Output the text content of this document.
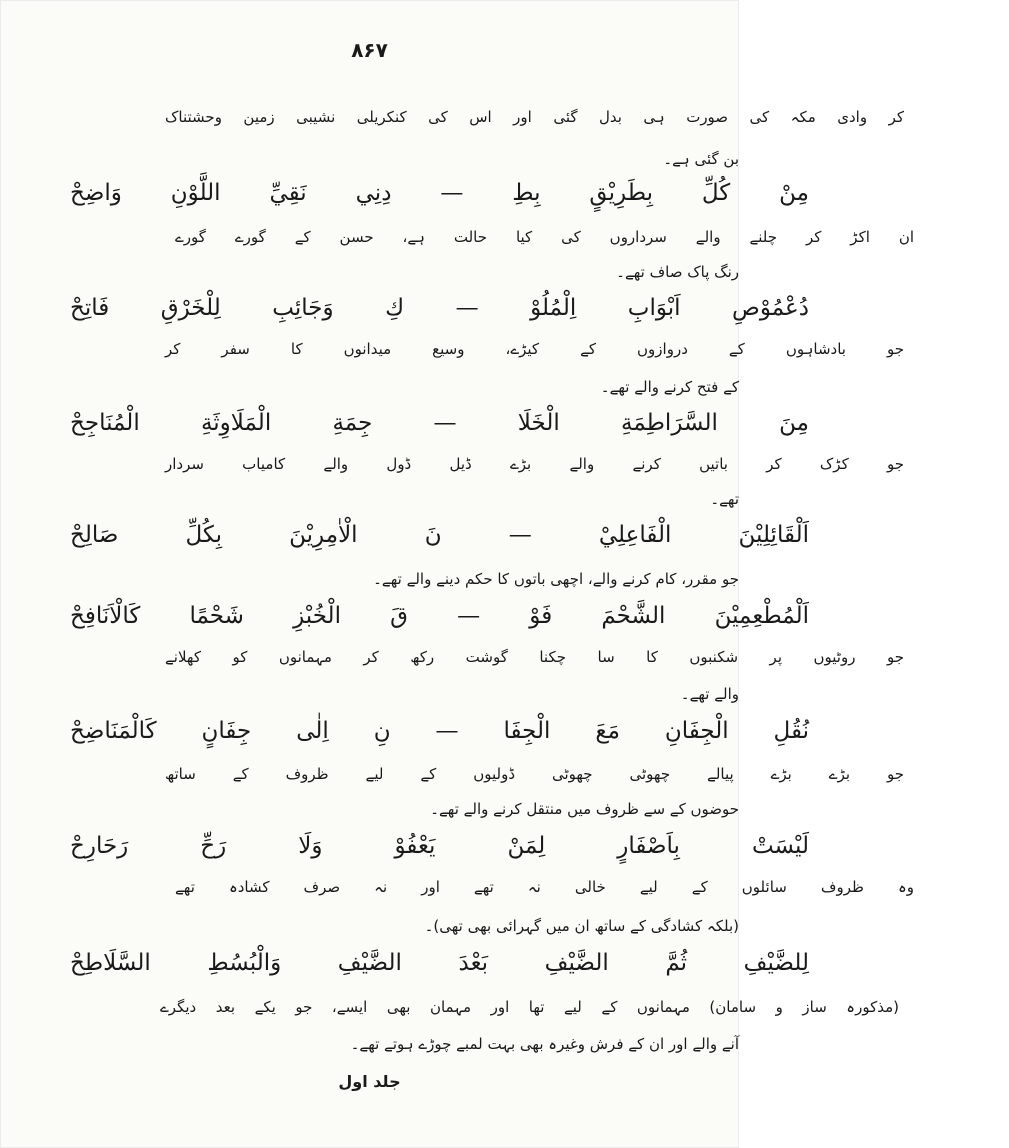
۸۶۷
کر وادی مکہ کی صورت ہی بدل گئی اور اس کی کنکریلی نشیبی زمین وحشتناک
بن گئی ہے۔
مِنْ كُلِّ بِطَرِيْقٍ بِطِ — دِنِي نَقِيِّ اللَّوْنِ وَاضِحْ
ان اکڑ کر چلنے والے سرداروں کی کیا حالت ہے، حسن کے گورے گورے
رنگ پاک صاف تھے۔
دُعْمُوْصِ اَبْوَابِ اِلْمُلُوْ — كِ وَجَائِبِ لِلْخَرْقِ فَاتِحْ
جو بادشاہوں کے دروازوں کے کیڑے، وسیع میدانوں کا سفر کر
کے فتح کرنے والے تھے۔
مِنَ السَّرَاطِمَةِ الْخَلَا — جِمَةِ الْمَلَاوِثَةِ الْمُنَاجِحْ
جو کڑک کر باتیں کرنے والے بڑے ڈیل ڈول والے کامیاب سردار
تھے۔
اَلْقَائِلِيْنَ الْفَاعِلِيْ — نَ الْاٰمِرِيْنَ بِكُلِّ صَالِحْ
جو مقرر، کام کرنے والے، اچھی باتوں کا حکم دینے والے تھے۔
اَلْمُطْعِمِيْنَ الشَّحْمَ فَوْ — قَ الْخُبْزِ شَحْمًا كَالْاَنَافِحْ
جو روٹیوں پر شکنبوں کا سا چکنا گوشت رکھ کر مہمانوں کو کھلانے
والے تھے۔
نُقُلِ الْجِفَانِ مَعَ الْجِفَا — نِ اِلٰى جِفَانٍ كَالْمَنَاضِحْ
جو بڑے بڑے پیالے چھوٹی چھوٹی ڈولیوں کے لیے ظروف کے ساتھ
حوضوں کے سے ظروف میں منتقل کرنے والے تھے۔
لَيْسَتْ بِاَصْفَارٍ لِمَنْ يَعْفُوْ وَلَا رَحِّ رَحَارِحْ
وہ ظروف سائلوں کے لیے خالی نہ تھے اور نہ صرف کشادہ تھے
(بلکہ کشادگی کے ساتھ ان میں گہرائی بھی تھی)۔
لِلضَّيْفِ ثُمَّ الضَّيْفِ بَعْدَ الضَّيْفِ وَالْبُسُطِ السَّلَاطِحْ
(مذکورہ ساز و سامان) مہمانوں کے لیے تھا اور مہمان بھی ایسے، جو یکے بعد دیگرے
آنے والے اور ان کے فرش وغیرہ بھی بہت لمبے چوڑے ہوتے تھے۔
جلد اول
